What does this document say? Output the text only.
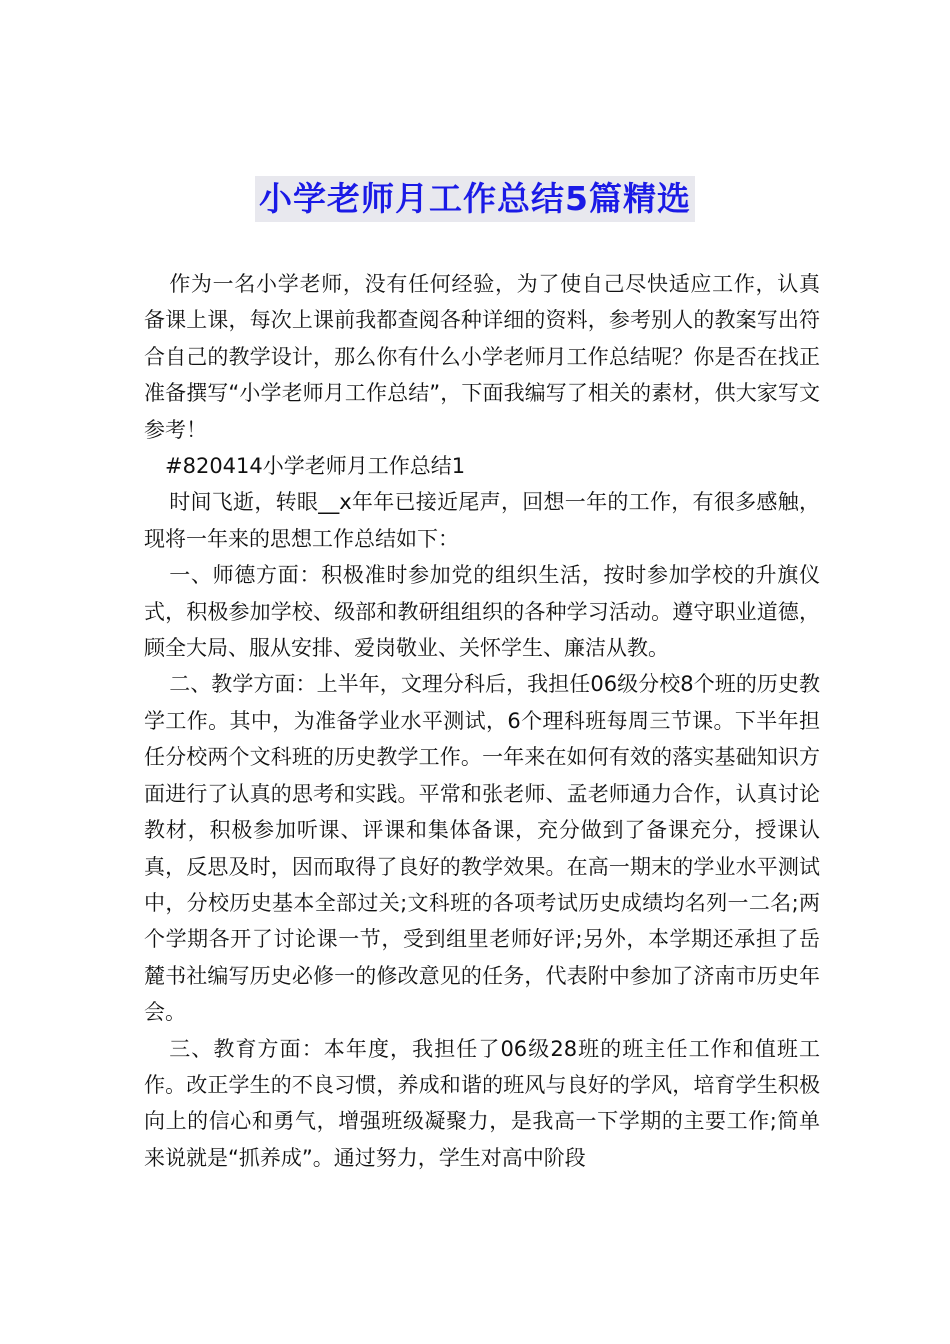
小学老师月工作总结5篇精选

作为一名小学老师，没有任何经验，为了使自己尽快适应工作，认真备课上课，每次上课前我都查阅各种详细的资料，参考别人的教案写出符合自己的教学设计，那么你有什么小学老师月工作总结呢？你是否在找正准备撰写“小学老师月工作总结”，下面我编写了相关的素材，供大家写文参考！

#820414小学老师月工作总结1

时间飞逝，转眼__x年年已接近尾声，回想一年的工作，有很多感触，现将一年来的思想工作总结如下：

一、师德方面：积极准时参加党的组织生活，按时参加学校的升旗仪式，积极参加学校、级部和教研组组织的各种学习活动。遵守职业道德，顾全大局、服从安排、爱岗敬业、关怀学生、廉洁从教。

二、教学方面：上半年，文理分科后，我担任06级分校8个班的历史教学工作。其中，为准备学业水平测试，6个理科班每周三节课。下半年担任分校两个文科班的历史教学工作。一年来在如何有效的落实基础知识方面进行了认真的思考和实践。平常和张老师、孟老师通力合作，认真讨论教材，积极参加听课、评课和集体备课，充分做到了备课充分，授课认真，反思及时，因而取得了良好的教学效果。在高一期末的学业水平测试中，分校历史基本全部过关;文科班的各项考试历史成绩均名列一二名;两个学期各开了讨论课一节，受到组里老师好评;另外，本学期还承担了岳麓书社编写历史必修一的修改意见的任务，代表附中参加了济南市历史年会。

三、教育方面：本年度，我担任了06级28班的班主任工作和值班工作。改正学生的不良习惯，养成和谐的班风与良好的学风，培育学生积极向上的信心和勇气，增强班级凝聚力，是我高一下学期的主要工作;简单来说就是“抓养成”。通过努力，学生对高中阶段
